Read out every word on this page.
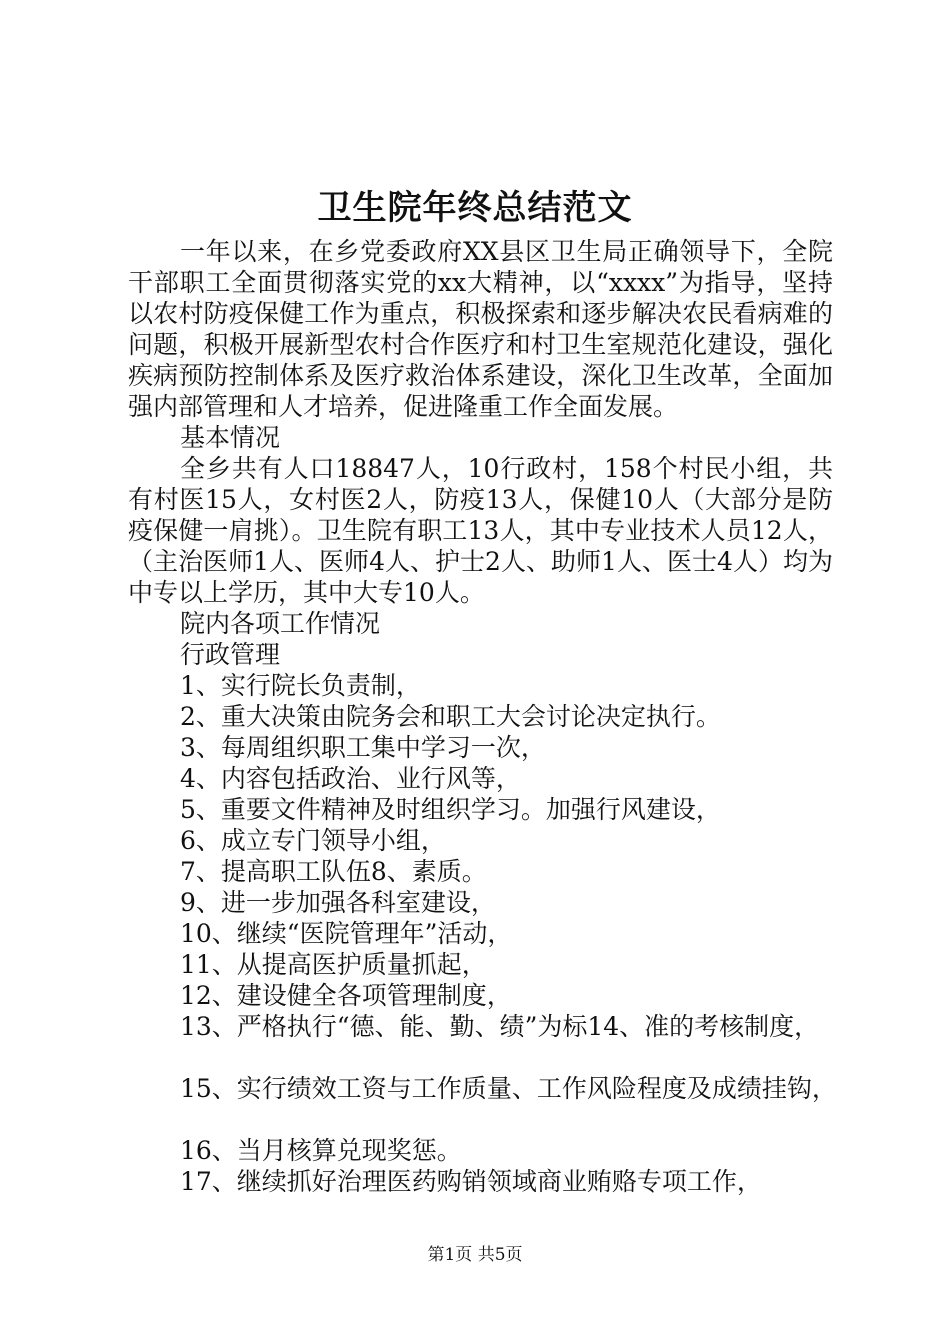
卫生院年终总结范文

一年以来，在乡党委政府XX县区卫生局正确领导下，全院干部职工全面贯彻落实党的xx大精神，以“xxxx”为指导，坚持以农村防疫保健工作为重点，积极探索和逐步解决农民看病难的问题，积极开展新型农村合作医疗和村卫生室规范化建设，强化疾病预防控制体系及医疗救治体系建设，深化卫生改革，全面加强内部管理和人才培养，促进隆重工作全面发展。

基本情况

全乡共有人口18847人，10行政村，158个村民小组，共有村医15人，女村医2人，防疫13人，保健10人（大部分是防疫保健一肩挑）。卫生院有职工13人，其中专业技术人员12人，（主治医师1人、医师4人、护士2人、助师1人、医士4人）均为中专以上学历，其中大专10人。

院内各项工作情况

行政管理

1、实行院长负责制，

2、重大决策由院务会和职工大会讨论决定执行。

3、每周组织职工集中学习一次，

4、内容包括政治、业行风等，

5、重要文件精神及时组织学习。加强行风建设，

6、成立专门领导小组，

7、提高职工队伍8、素质。

9、进一步加强各科室建设，

10、继续“医院管理年”活动，

11、从提高医护质量抓起，

12、建设健全各项管理制度，

13、严格执行“德、能、勤、绩”为标14、准的考核制度，

15、实行绩效工资与工作质量、工作风险程度及成绩挂钩，

16、当月核算兑现奖惩。

17、继续抓好治理医药购销领域商业贿赂专项工作，

第1页 共5页
